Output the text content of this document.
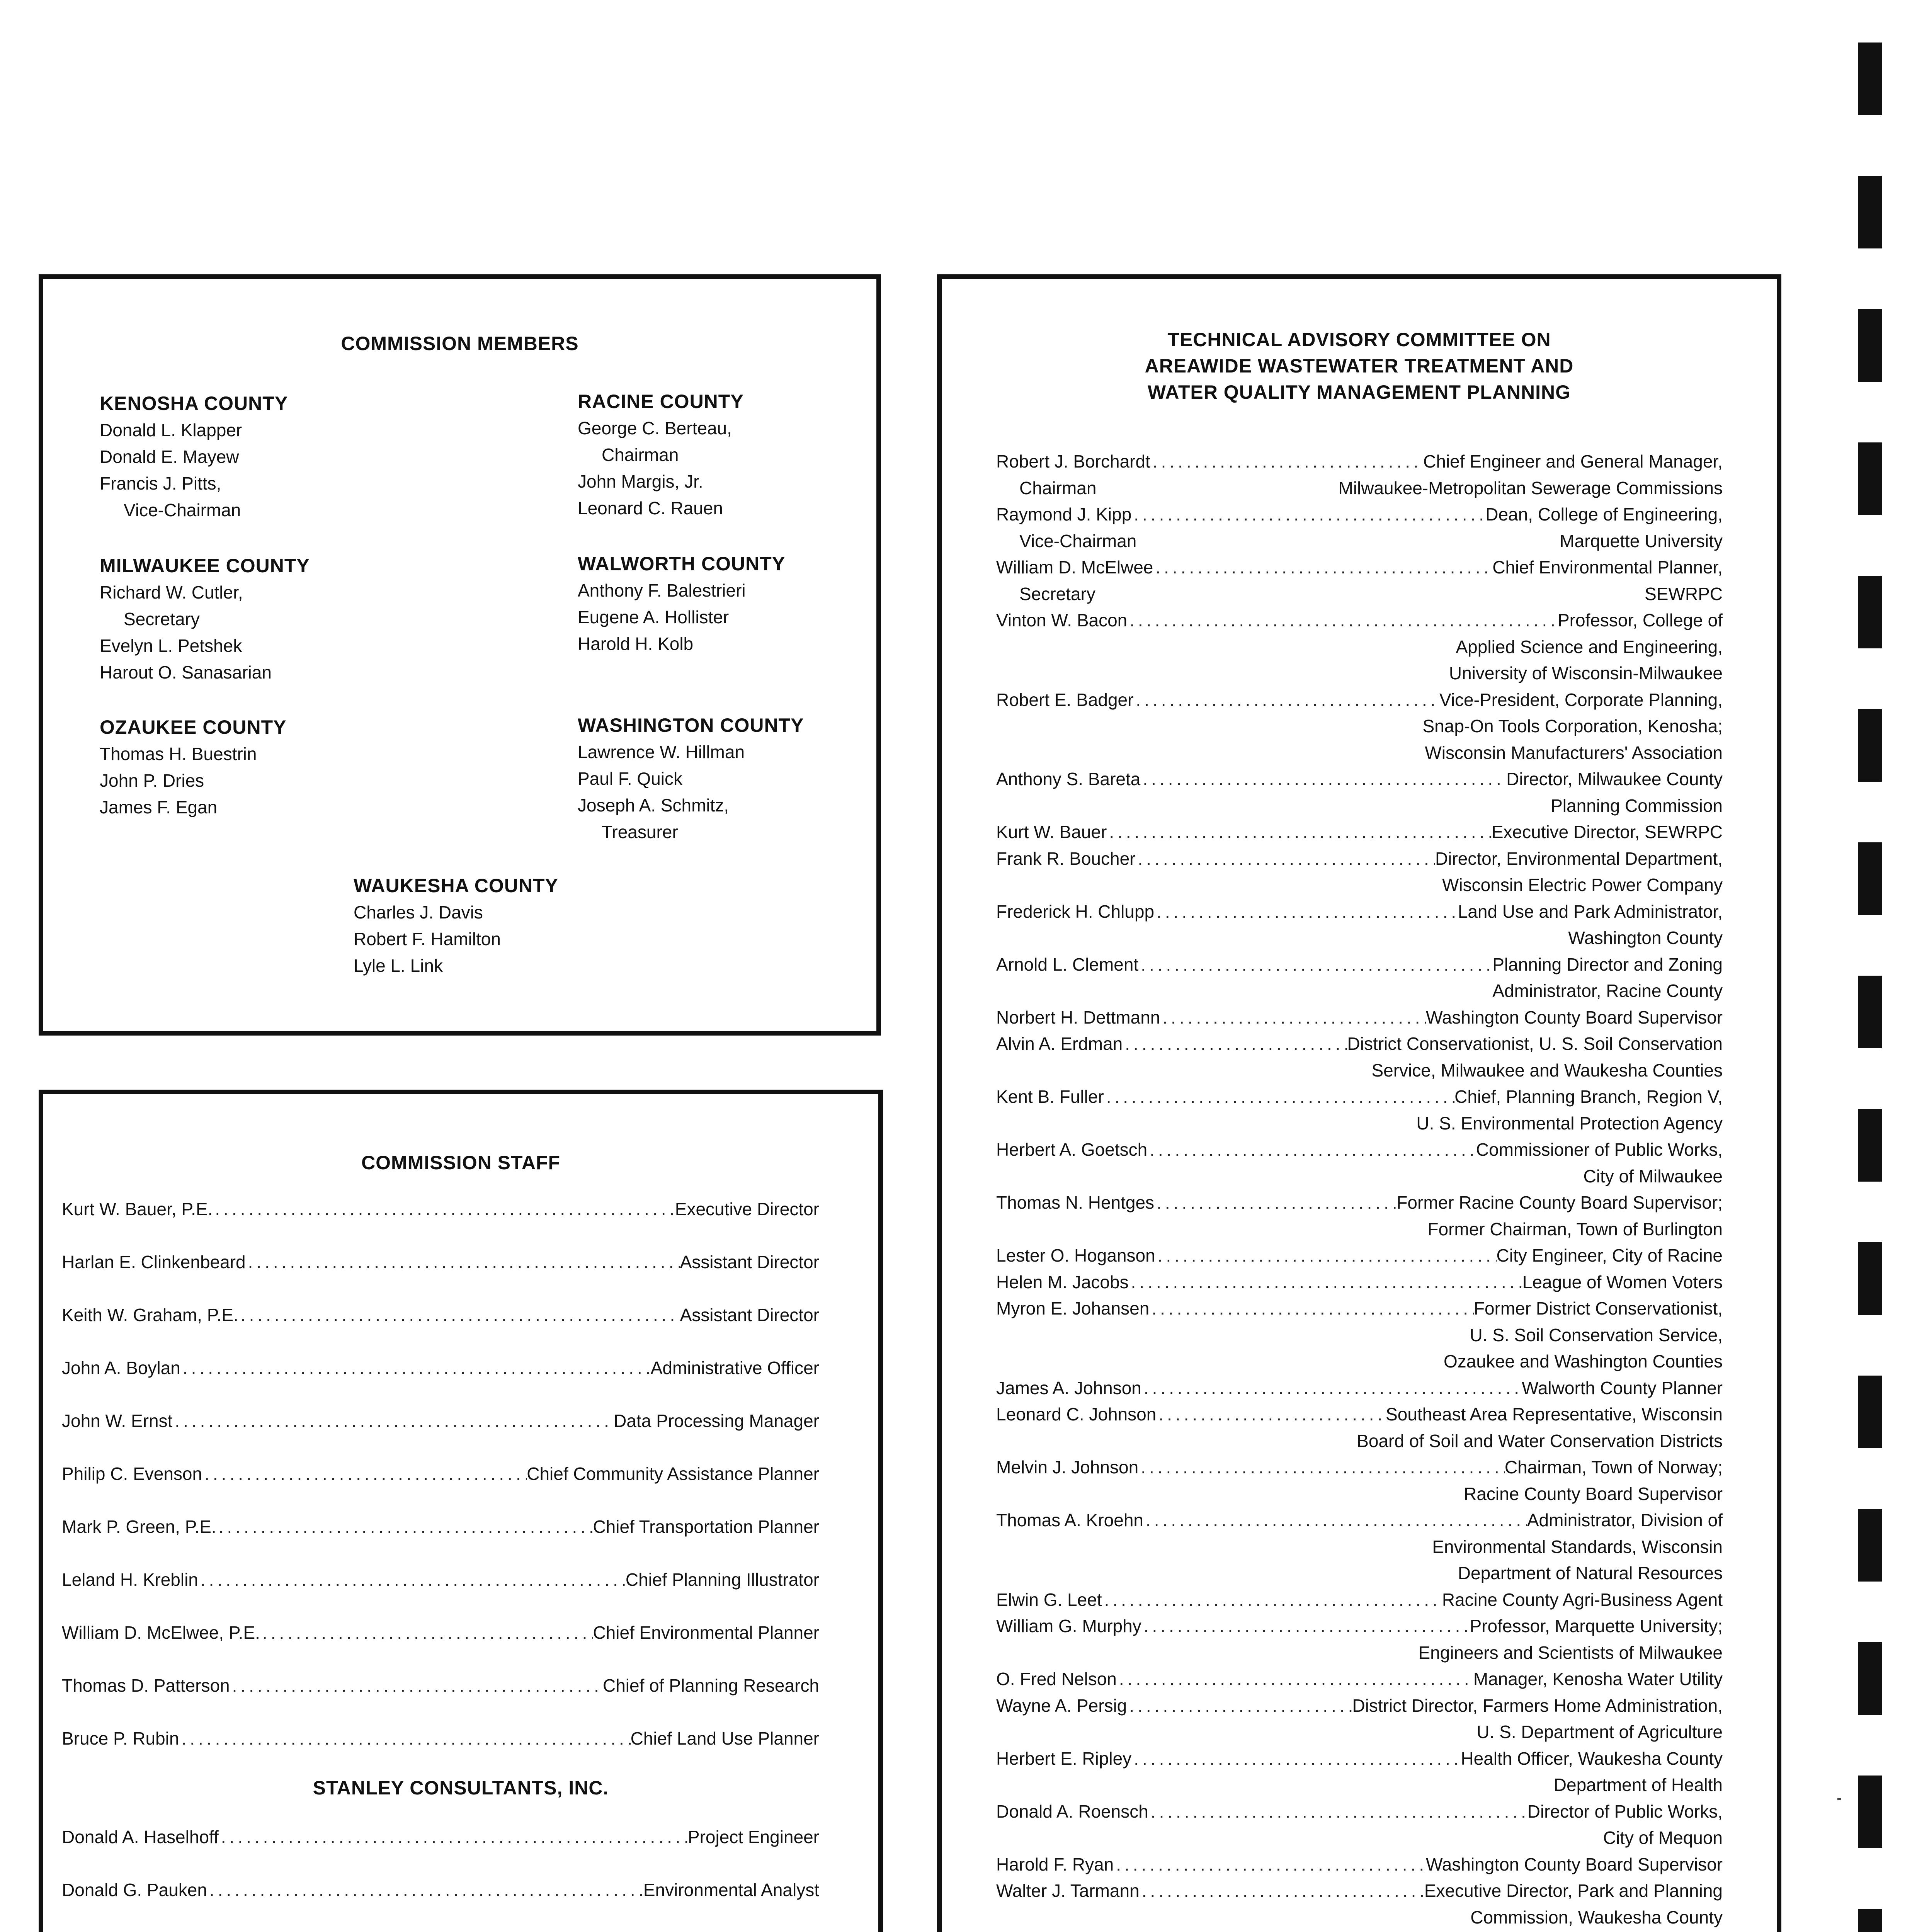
COMMISSION MEMBERS
KENOSHA COUNTY
Donald L. Klapper
Donald E. Mayew
Francis J. Pitts,
Vice-Chairman
MILWAUKEE COUNTY
Richard W. Cutler,
Secretary
Evelyn L. Petshek
Harout O. Sanasarian
OZAUKEE COUNTY
Thomas H. Buestrin
John P. Dries
James F. Egan
RACINE COUNTY
George C. Berteau,
Chairman
John Margis, Jr.
Leonard C. Rauen
WALWORTH COUNTY
Anthony F. Balestrieri
Eugene A. Hollister
Harold H. Kolb
WASHINGTON COUNTY
Lawrence W. Hillman
Paul F. Quick
Joseph A. Schmitz,
Treasurer
WAUKESHA COUNTY
Charles J. Davis
Robert F. Hamilton
Lyle L. Link
COMMISSION STAFF
Kurt W. Bauer, P.E. .....	Executive Director
Harlan E. Clinkenbeard .....	Assistant Director
Keith W. Graham, P.E. .....	Assistant Director
John A. Boylan .....	Administrative Officer
John W. Ernst .....	Data Processing Manager
Philip C. Evenson .....	Chief Community Assistance Planner
Mark P. Green, P.E. .....	Chief Transportation Planner
Leland H. Kreblin .....	Chief Planning Illustrator
William D. McElwee, P.E. .....	Chief Environmental Planner
Thomas D. Patterson .....	Chief of Planning Research
Bruce P. Rubin .....	Chief Land Use Planner
STANLEY CONSULTANTS, INC.
Donald A. Haselhoff .....	Project Engineer
Donald G. Pauken .....	Environmental Analyst
.....
TECHNICAL ADVISORY COMMITTEE ON
AREAWIDE WASTEWATER TREATMENT AND
WATER QUALITY MANAGEMENT PLANNING
Robert J. Borchardt .....	Chief Engineer and General Manager,
Chairman	Milwaukee-Metropolitan Sewerage Commissions
Raymond J. Kipp .....	Dean, College of Engineering,
Vice-Chairman	Marquette University
William D. McElwee .....	Chief Environmental Planner,
Secretary	SEWRPC
Vinton W. Bacon .....	Professor, College of
Applied Science and Engineering,
University of Wisconsin-Milwaukee
Robert E. Badger .....	Vice-President, Corporate Planning,
Snap-On Tools Corporation, Kenosha;
Wisconsin Manufacturers' Association
Anthony S. Bareta .....	Director, Milwaukee County
Planning Commission
Kurt W. Bauer .....	Executive Director, SEWRPC
Frank R. Boucher .....	Director, Environmental Department,
Wisconsin Electric Power Company
Frederick H. Chlupp .....	Land Use and Park Administrator,
Washington County
Arnold L. Clement .....	Planning Director and Zoning
Administrator, Racine County
Norbert H. Dettmann .....	Washington County Board Supervisor
Alvin A. Erdman .....	District Conservationist, U. S. Soil Conservation
Service, Milwaukee and Waukesha Counties
Kent B. Fuller .....	Chief, Planning Branch, Region V,
U. S. Environmental Protection Agency
Herbert A. Goetsch .....	Commissioner of Public Works,
City of Milwaukee
Thomas N. Hentges .....	Former Racine County Board Supervisor;
Former Chairman, Town of Burlington
Lester O. Hoganson .....	City Engineer, City of Racine
Helen M. Jacobs .....	League of Women Voters
Myron E. Johansen .....	Former District Conservationist,
U. S. Soil Conservation Service,
Ozaukee and Washington Counties
James A. Johnson .....	Walworth County Planner
Leonard C. Johnson .....	Southeast Area Representative, Wisconsin
Board of Soil and Water Conservation Districts
Melvin J. Johnson .....	Chairman, Town of Norway;
Racine County Board Supervisor
Thomas A. Kroehn .....	Administrator, Division of
Environmental Standards, Wisconsin
Department of Natural Resources
Elwin G. Leet .....	Racine County Agri-Business Agent
William G. Murphy .....	Professor, Marquette University;
Engineers and Scientists of Milwaukee
O. Fred Nelson .....	Manager, Kenosha Water Utility
Wayne A. Persig .....	District Director, Farmers Home Administration,
U. S. Department of Agriculture
Herbert E. Ripley .....	Health Officer, Waukesha County
Department of Health
Donald A. Roensch .....	Director of Public Works,
City of Mequon
Harold F. Ryan .....	Washington County Board Supervisor
Walter J. Tarmann .....	Executive Director, Park and Planning
Commission, Waukesha County
.....
